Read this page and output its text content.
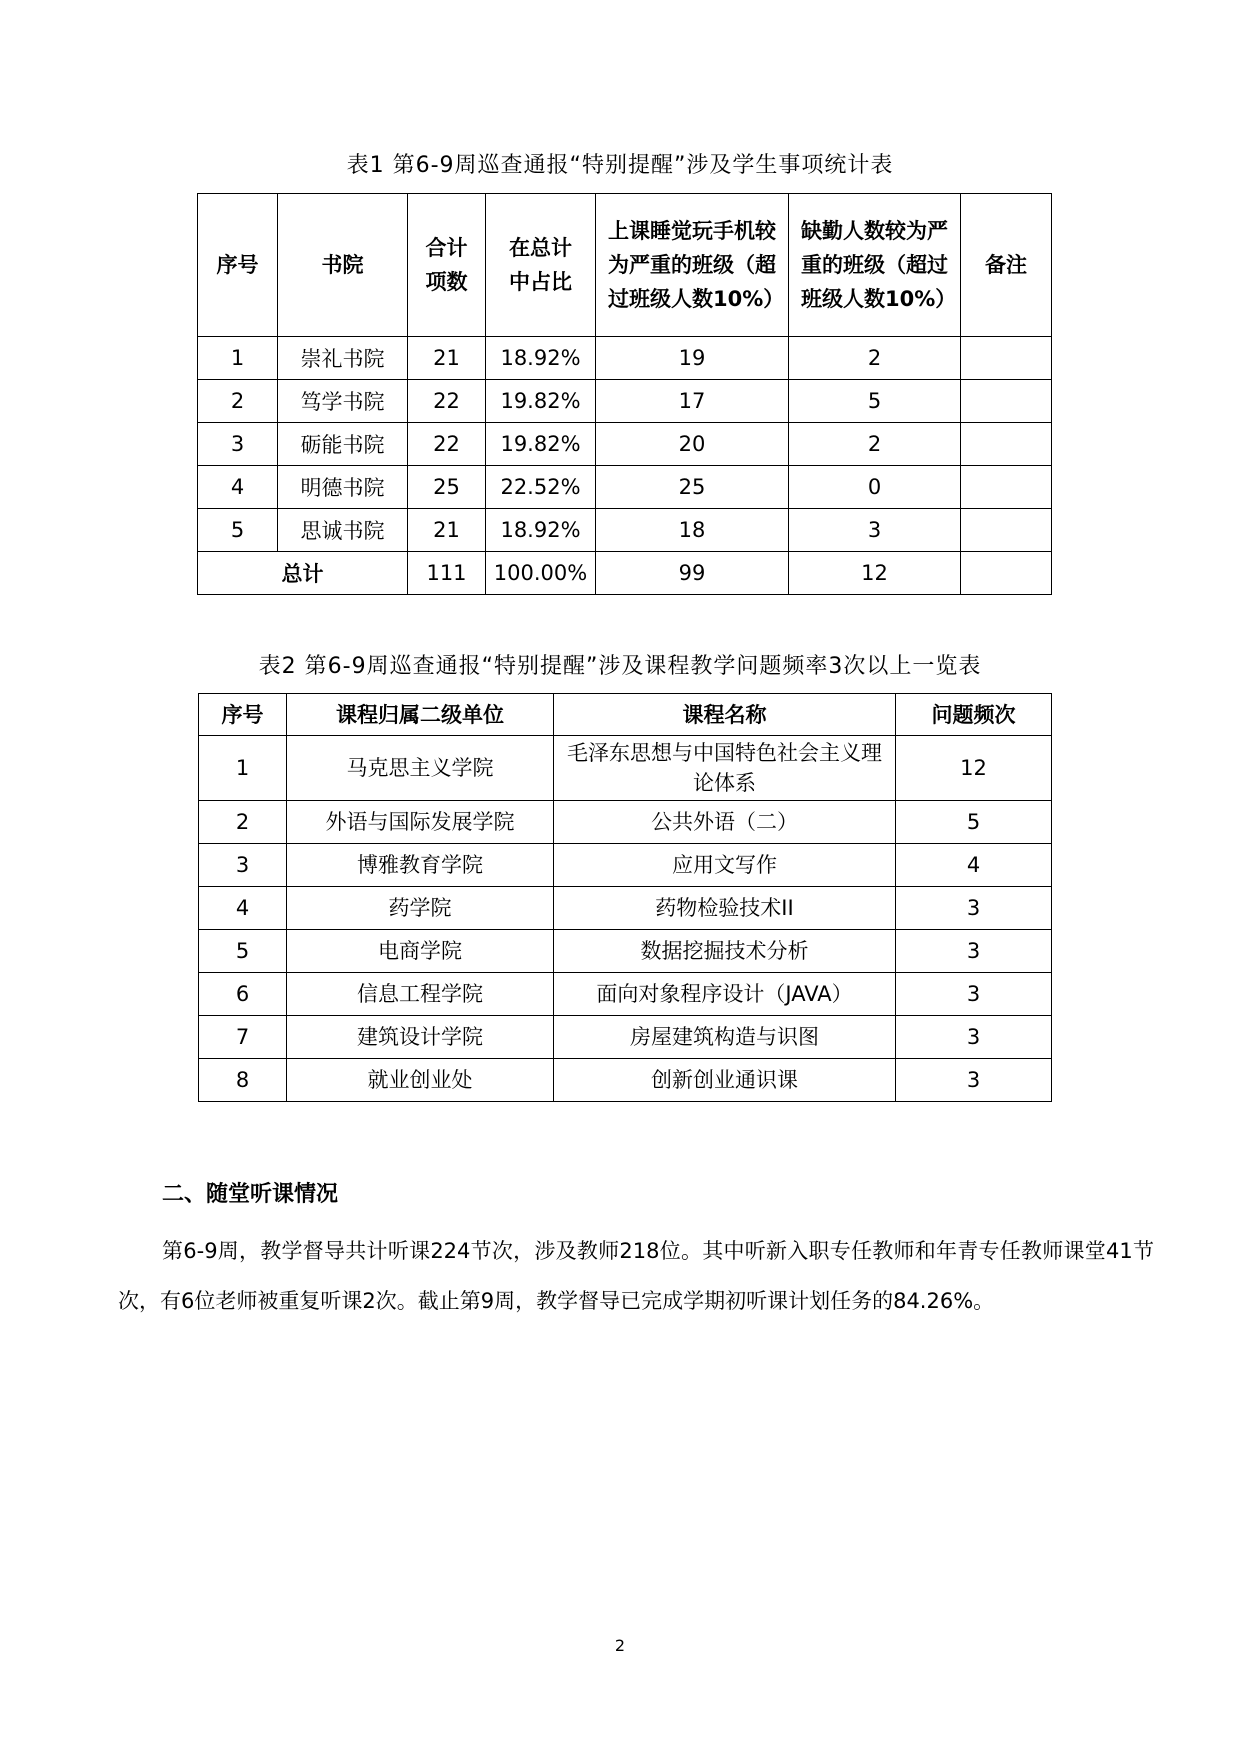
表1 第6-9周巡查通报“特别提醒”涉及学生事项统计表
序号	书院	合计项数	在总计中占比	上课睡觉玩手机较为严重的班级（超过班级人数10%）	缺勤人数较为严重的班级（超过班级人数10%）	备注
1	崇礼书院	21	18.92%	19	2	
2	笃学书院	22	19.82%	17	5	
3	砺能书院	22	19.82%	20	2	
4	明德书院	25	22.52%	25	0	
5	思诚书院	21	18.92%	18	3	
总计		111	100.00%	99	12	
表2 第6-9周巡查通报“特别提醒”涉及课程教学问题频率3次以上一览表
序号	课程归属二级单位	课程名称	问题频次
1	马克思主义学院	毛泽东思想与中国特色社会主义理论体系	12
2	外语与国际发展学院	公共外语（二）	5
3	博雅教育学院	应用文写作	4
4	药学院	药物检验技术II	3
5	电商学院	数据挖掘技术分析	3
6	信息工程学院	面向对象程序设计（JAVA）	3
7	建筑设计学院	房屋建筑构造与识图	3
8	就业创业处	创新创业通识课	3
二、随堂听课情况
第6-9周，教学督导共计听课224节次，涉及教师218位。其中听新入职专任教师和年青专任教师课堂41节次，有6位老师被重复听课2次。截止第9周，教学督导已完成学期初听课计划任务的84.26%。
2
